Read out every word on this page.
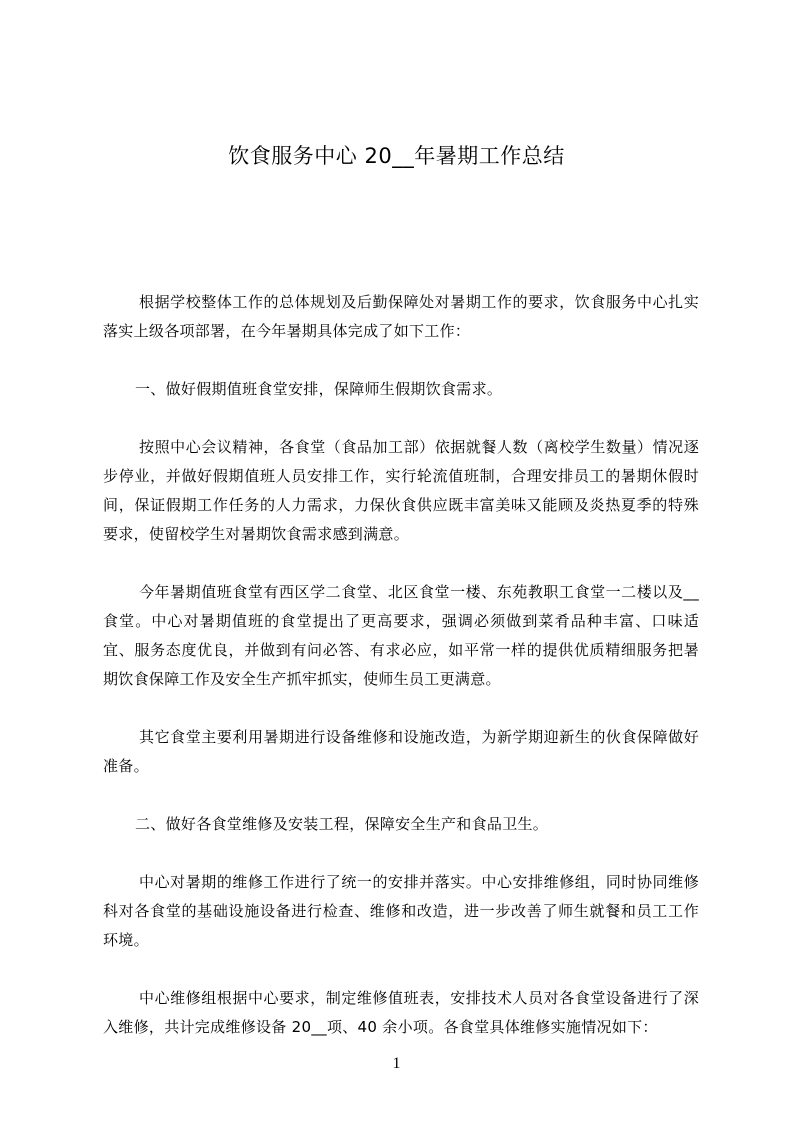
饮食服务中心 20__年暑期工作总结

根据学校整体工作的总体规划及后勤保障处对暑期工作的要求，饮食服务中心扎实落实上级各项部署，在今年暑期具体完成了如下工作：

一、做好假期值班食堂安排，保障师生假期饮食需求。

按照中心会议精神，各食堂（食品加工部）依据就餐人数（离校学生数量）情况逐步停业，并做好假期值班人员安排工作，实行轮流值班制，合理安排员工的暑期休假时间，保证假期工作任务的人力需求，力保伙食供应既丰富美味又能顾及炎热夏季的特殊要求，使留校学生对暑期饮食需求感到满意。

今年暑期值班食堂有西区学二食堂、北区食堂一楼、东苑教职工食堂一二楼以及__食堂。中心对暑期值班的食堂提出了更高要求，强调必须做到菜肴品种丰富、口味适宜、服务态度优良，并做到有问必答、有求必应，如平常一样的提供优质精细服务把暑期饮食保障工作及安全生产抓牢抓实，使师生员工更满意。

其它食堂主要利用暑期进行设备维修和设施改造，为新学期迎新生的伙食保障做好准备。

二、做好各食堂维修及安装工程，保障安全生产和食品卫生。

中心对暑期的维修工作进行了统一的安排并落实。中心安排维修组，同时协同维修科对各食堂的基础设施设备进行检查、维修和改造，进一步改善了师生就餐和员工工作环境。

中心维修组根据中心要求，制定维修值班表，安排技术人员对各食堂设备进行了深入维修，共计完成维修设备 20__项、40 余小项。各食堂具体维修实施情况如下：

1
